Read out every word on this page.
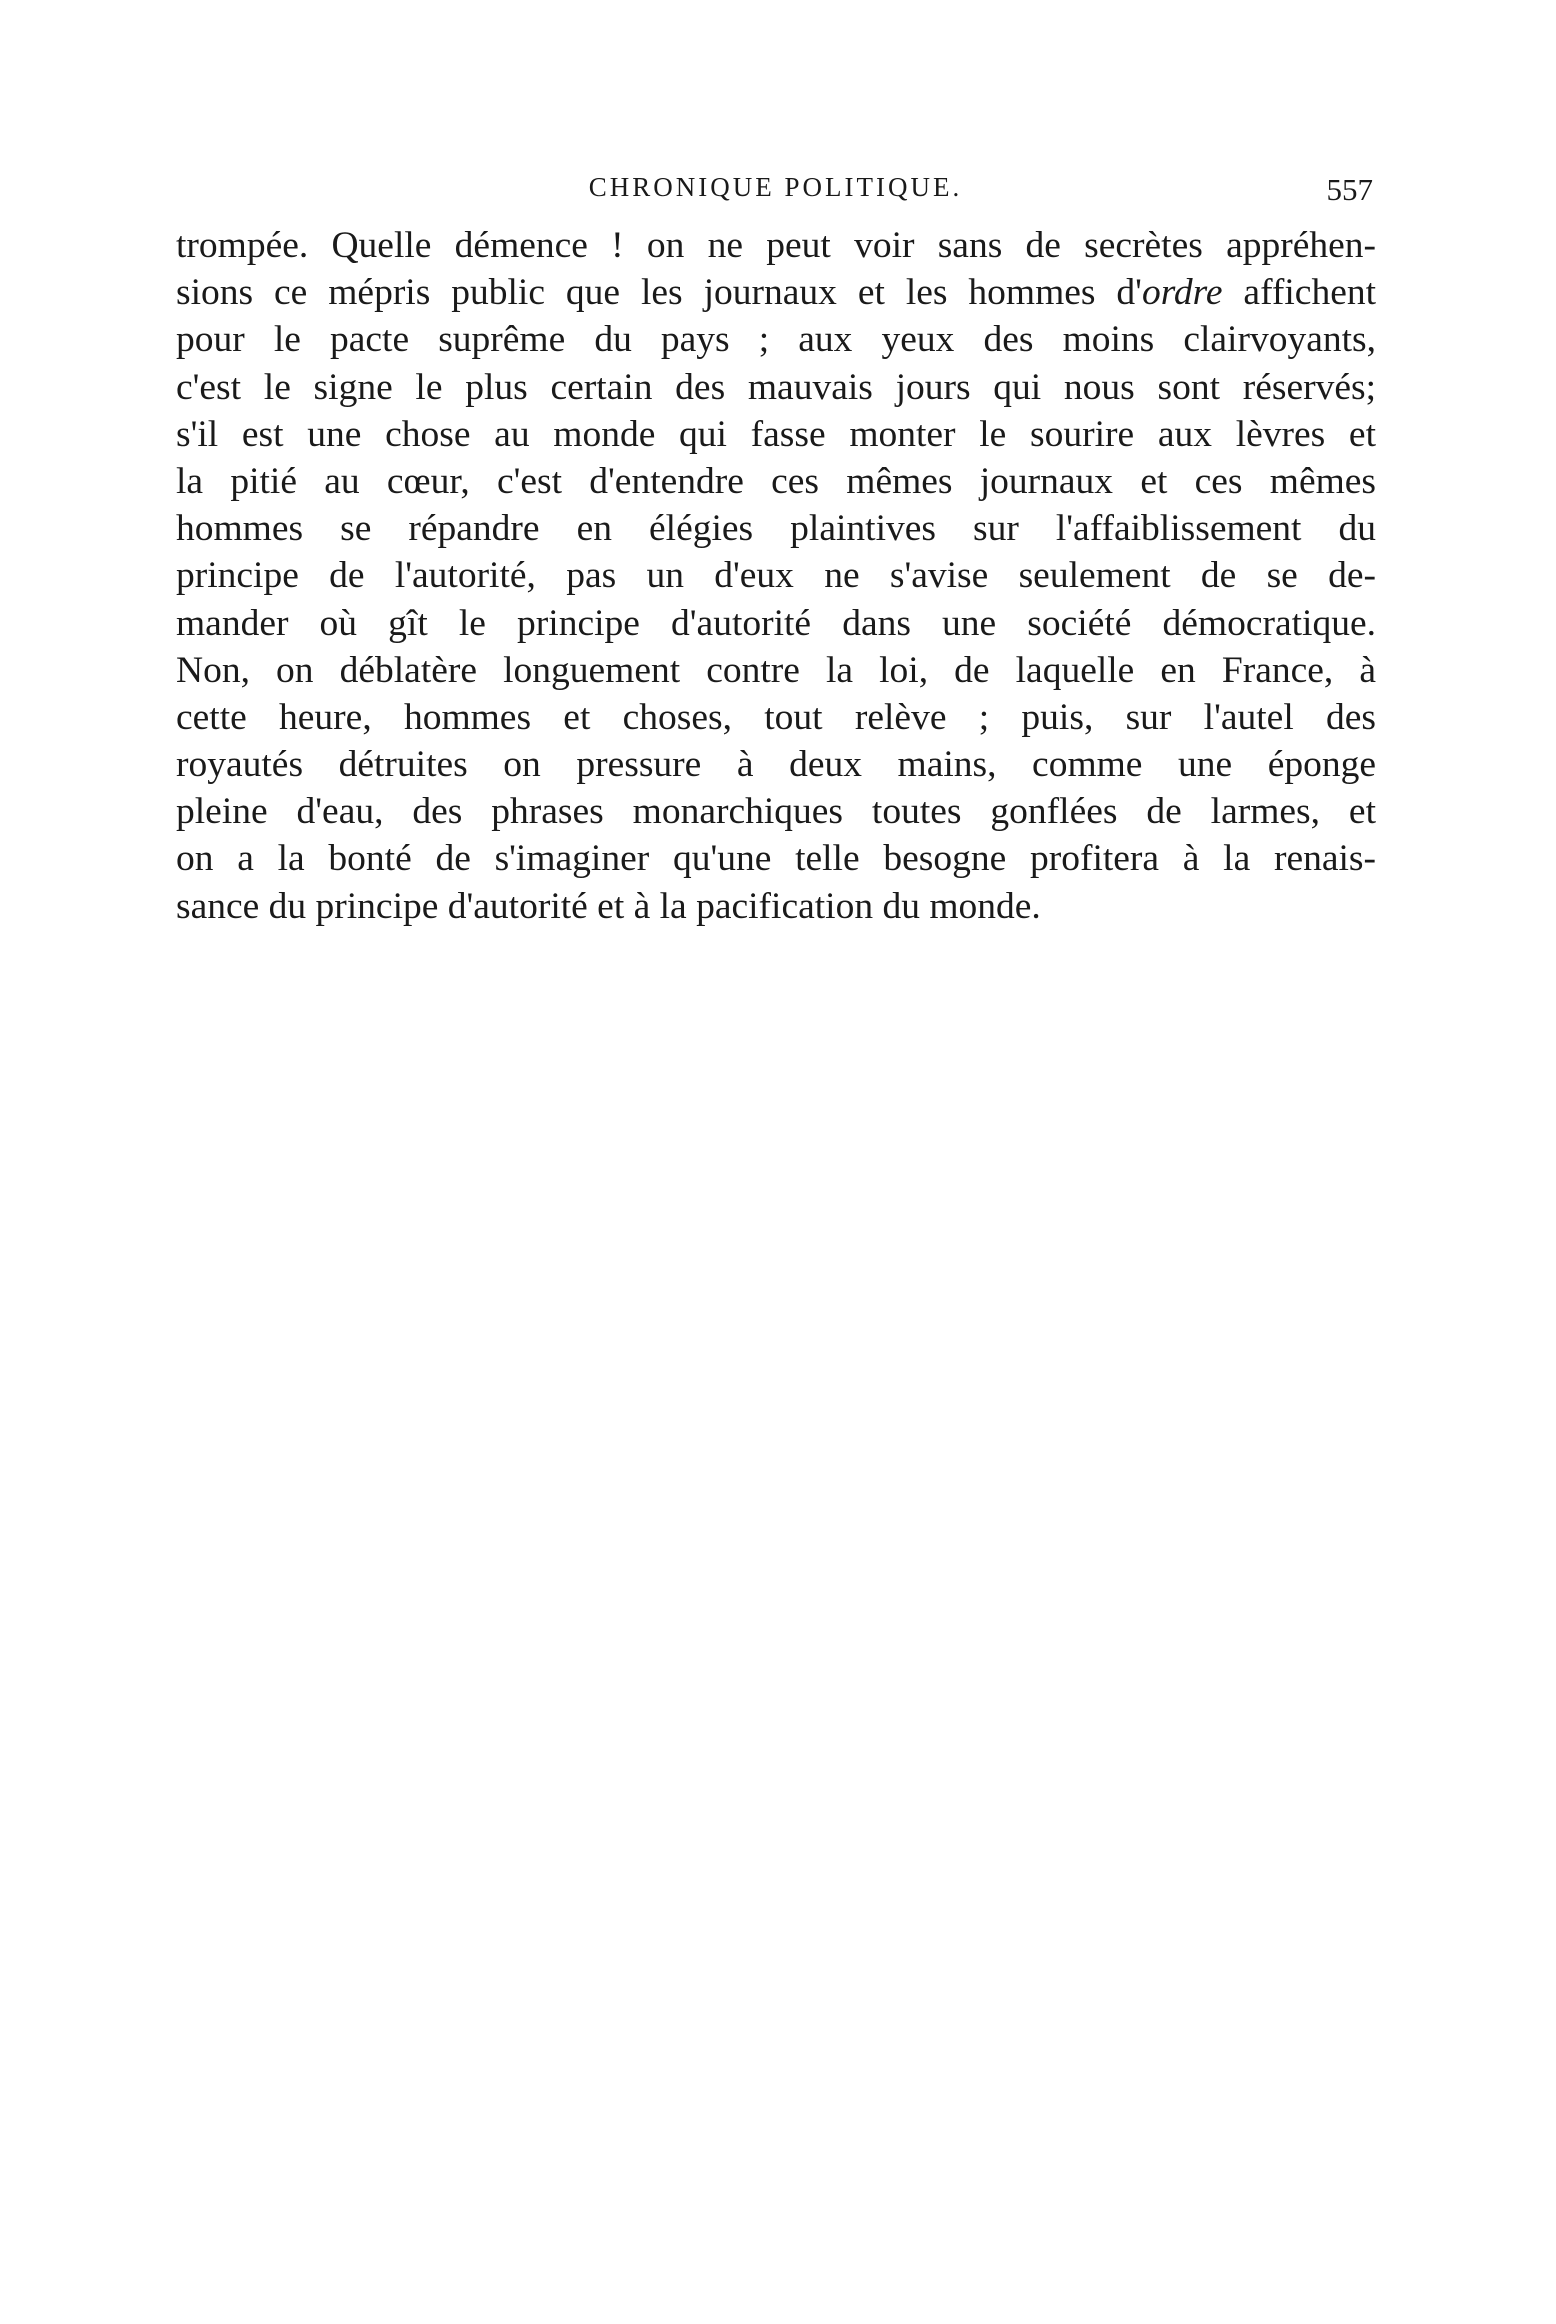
CHRONIQUE POLITIQUE.	557
trompée. Quelle démence ! on ne peut voir sans de secrètes appréhen-
sions ce mépris public que les journaux et les hommes d'ordre affichent
pour le pacte suprême du pays ; aux yeux des moins clairvoyants,
c'est le signe le plus certain des mauvais jours qui nous sont réservés;
s'il est une chose au monde qui fasse monter le sourire aux lèvres et
la pitié au cœur, c'est d'entendre ces mêmes journaux et ces mêmes
hommes se répandre en élégies plaintives sur l'affaiblissement du
principe de l'autorité, pas un d'eux ne s'avise seulement de se de-
mander où gît le principe d'autorité dans une société démocratique.
Non, on déblatère longuement contre la loi, de laquelle en France, à
cette heure, hommes et choses, tout relève ; puis, sur l'autel des
royautés détruites on pressure à deux mains, comme une éponge
pleine d'eau, des phrases monarchiques toutes gonflées de larmes, et
on a la bonté de s'imaginer qu'une telle besogne profitera à la renais-
sance du principe d'autorité et à la pacification du monde.
